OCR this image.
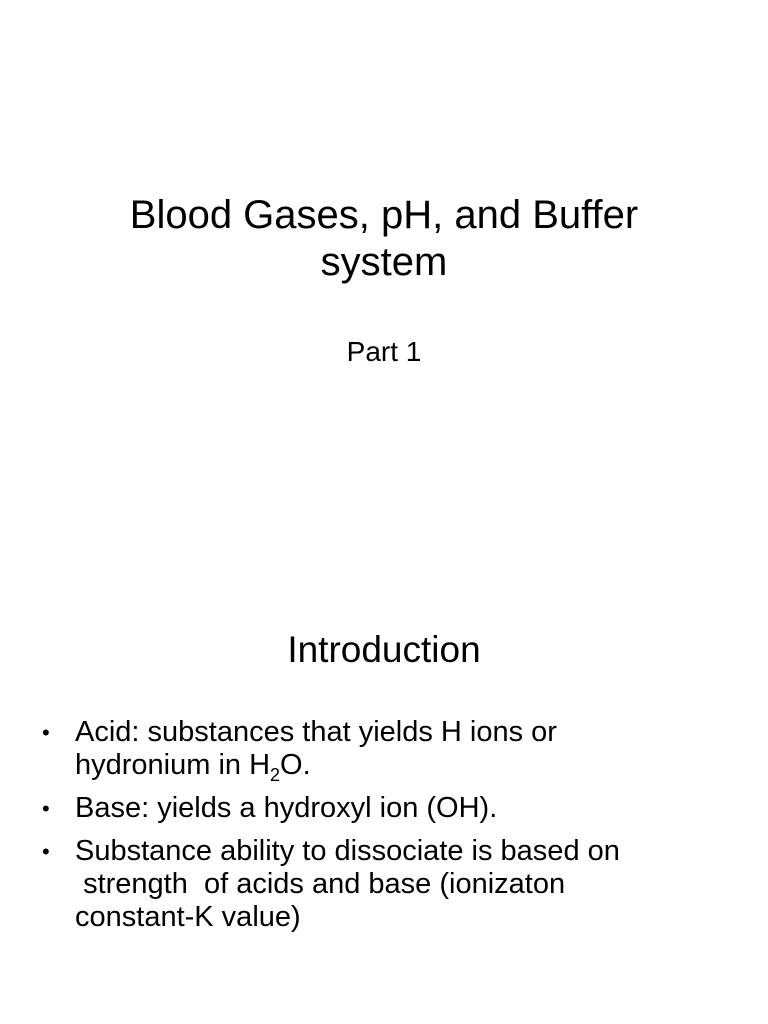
Blood Gases, pH, and Buffer
system
Part 1
Introduction
• Acid: substances that yields H ions or
hydronium in $H_2O$.
• Base: yields a hydroxyl ion (OH).
• Substance ability to dissociate is based on
strength  of acids and base (ionizaton
constant-K value)
